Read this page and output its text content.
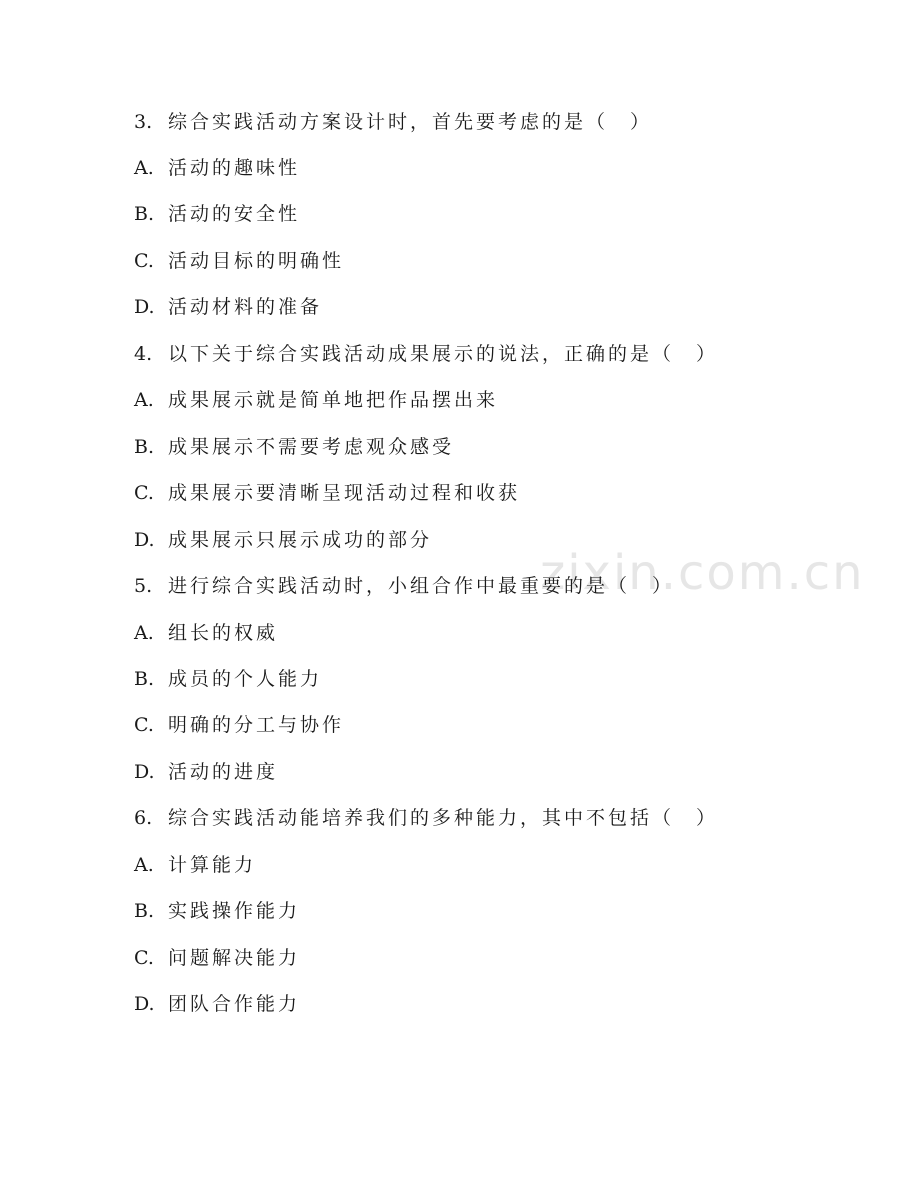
zixin.com.cn
3. 综合实践活动方案设计时，首先要考虑的是（　）
A. 活动的趣味性
B. 活动的安全性
C. 活动目标的明确性
D. 活动材料的准备
4. 以下关于综合实践活动成果展示的说法，正确的是（　）
A. 成果展示就是简单地把作品摆出来
B. 成果展示不需要考虑观众感受
C. 成果展示要清晰呈现活动过程和收获
D. 成果展示只展示成功的部分
5. 进行综合实践活动时，小组合作中最重要的是（　）
A. 组长的权威
B. 成员的个人能力
C. 明确的分工与协作
D. 活动的进度
6. 综合实践活动能培养我们的多种能力，其中不包括（　）
A. 计算能力
B. 实践操作能力
C. 问题解决能力
D. 团队合作能力
